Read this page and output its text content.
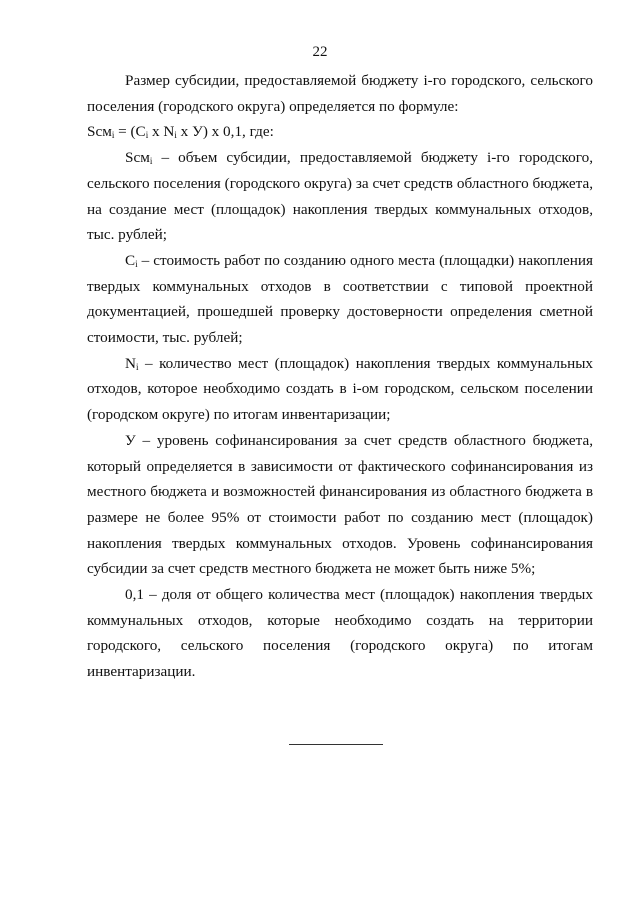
22

Размер субсидии, предоставляемой бюджету i-го городского, сельского поселения (городского округа) определяется по формуле:

$Scм_i = (C_i$ x $N_i$ x У) x 0,1, где:

Scм$_i$ – объем субсидии, предоставляемой бюджету i-го городского, сельского поселения (городского округа) за счет средств областного бюджета, на создание мест (площадок) накопления твердых коммунальных отходов, тыс. рублей;

$C_i$ – стоимость работ по созданию одного места (площадки) накопления твердых коммунальных отходов в соответствии с типовой проектной документацией, прошедшей проверку достоверности определения сметной стоимости, тыс. рублей;

$N_i$ – количество мест (площадок) накопления твердых коммунальных отходов, которое необходимо создать в i-ом городском, сельском поселении (городском округе) по итогам инвентаризации;

У – уровень софинансирования за счет средств областного бюджета, который определяется в зависимости от фактического софинансирования из местного бюджета и возможностей финансирования из областного бюджета в размере не более 95% от стоимости работ по созданию мест (площадок) накопления твердых коммунальных отходов. Уровень софинансирования субсидии за счет средств местного бюджета не может быть ниже 5%;

0,1 – доля от общего количества мест (площадок) накопления твердых коммунальных отходов, которые необходимо создать на территории городского, сельского поселения (городского округа) по итогам инвентаризации.
